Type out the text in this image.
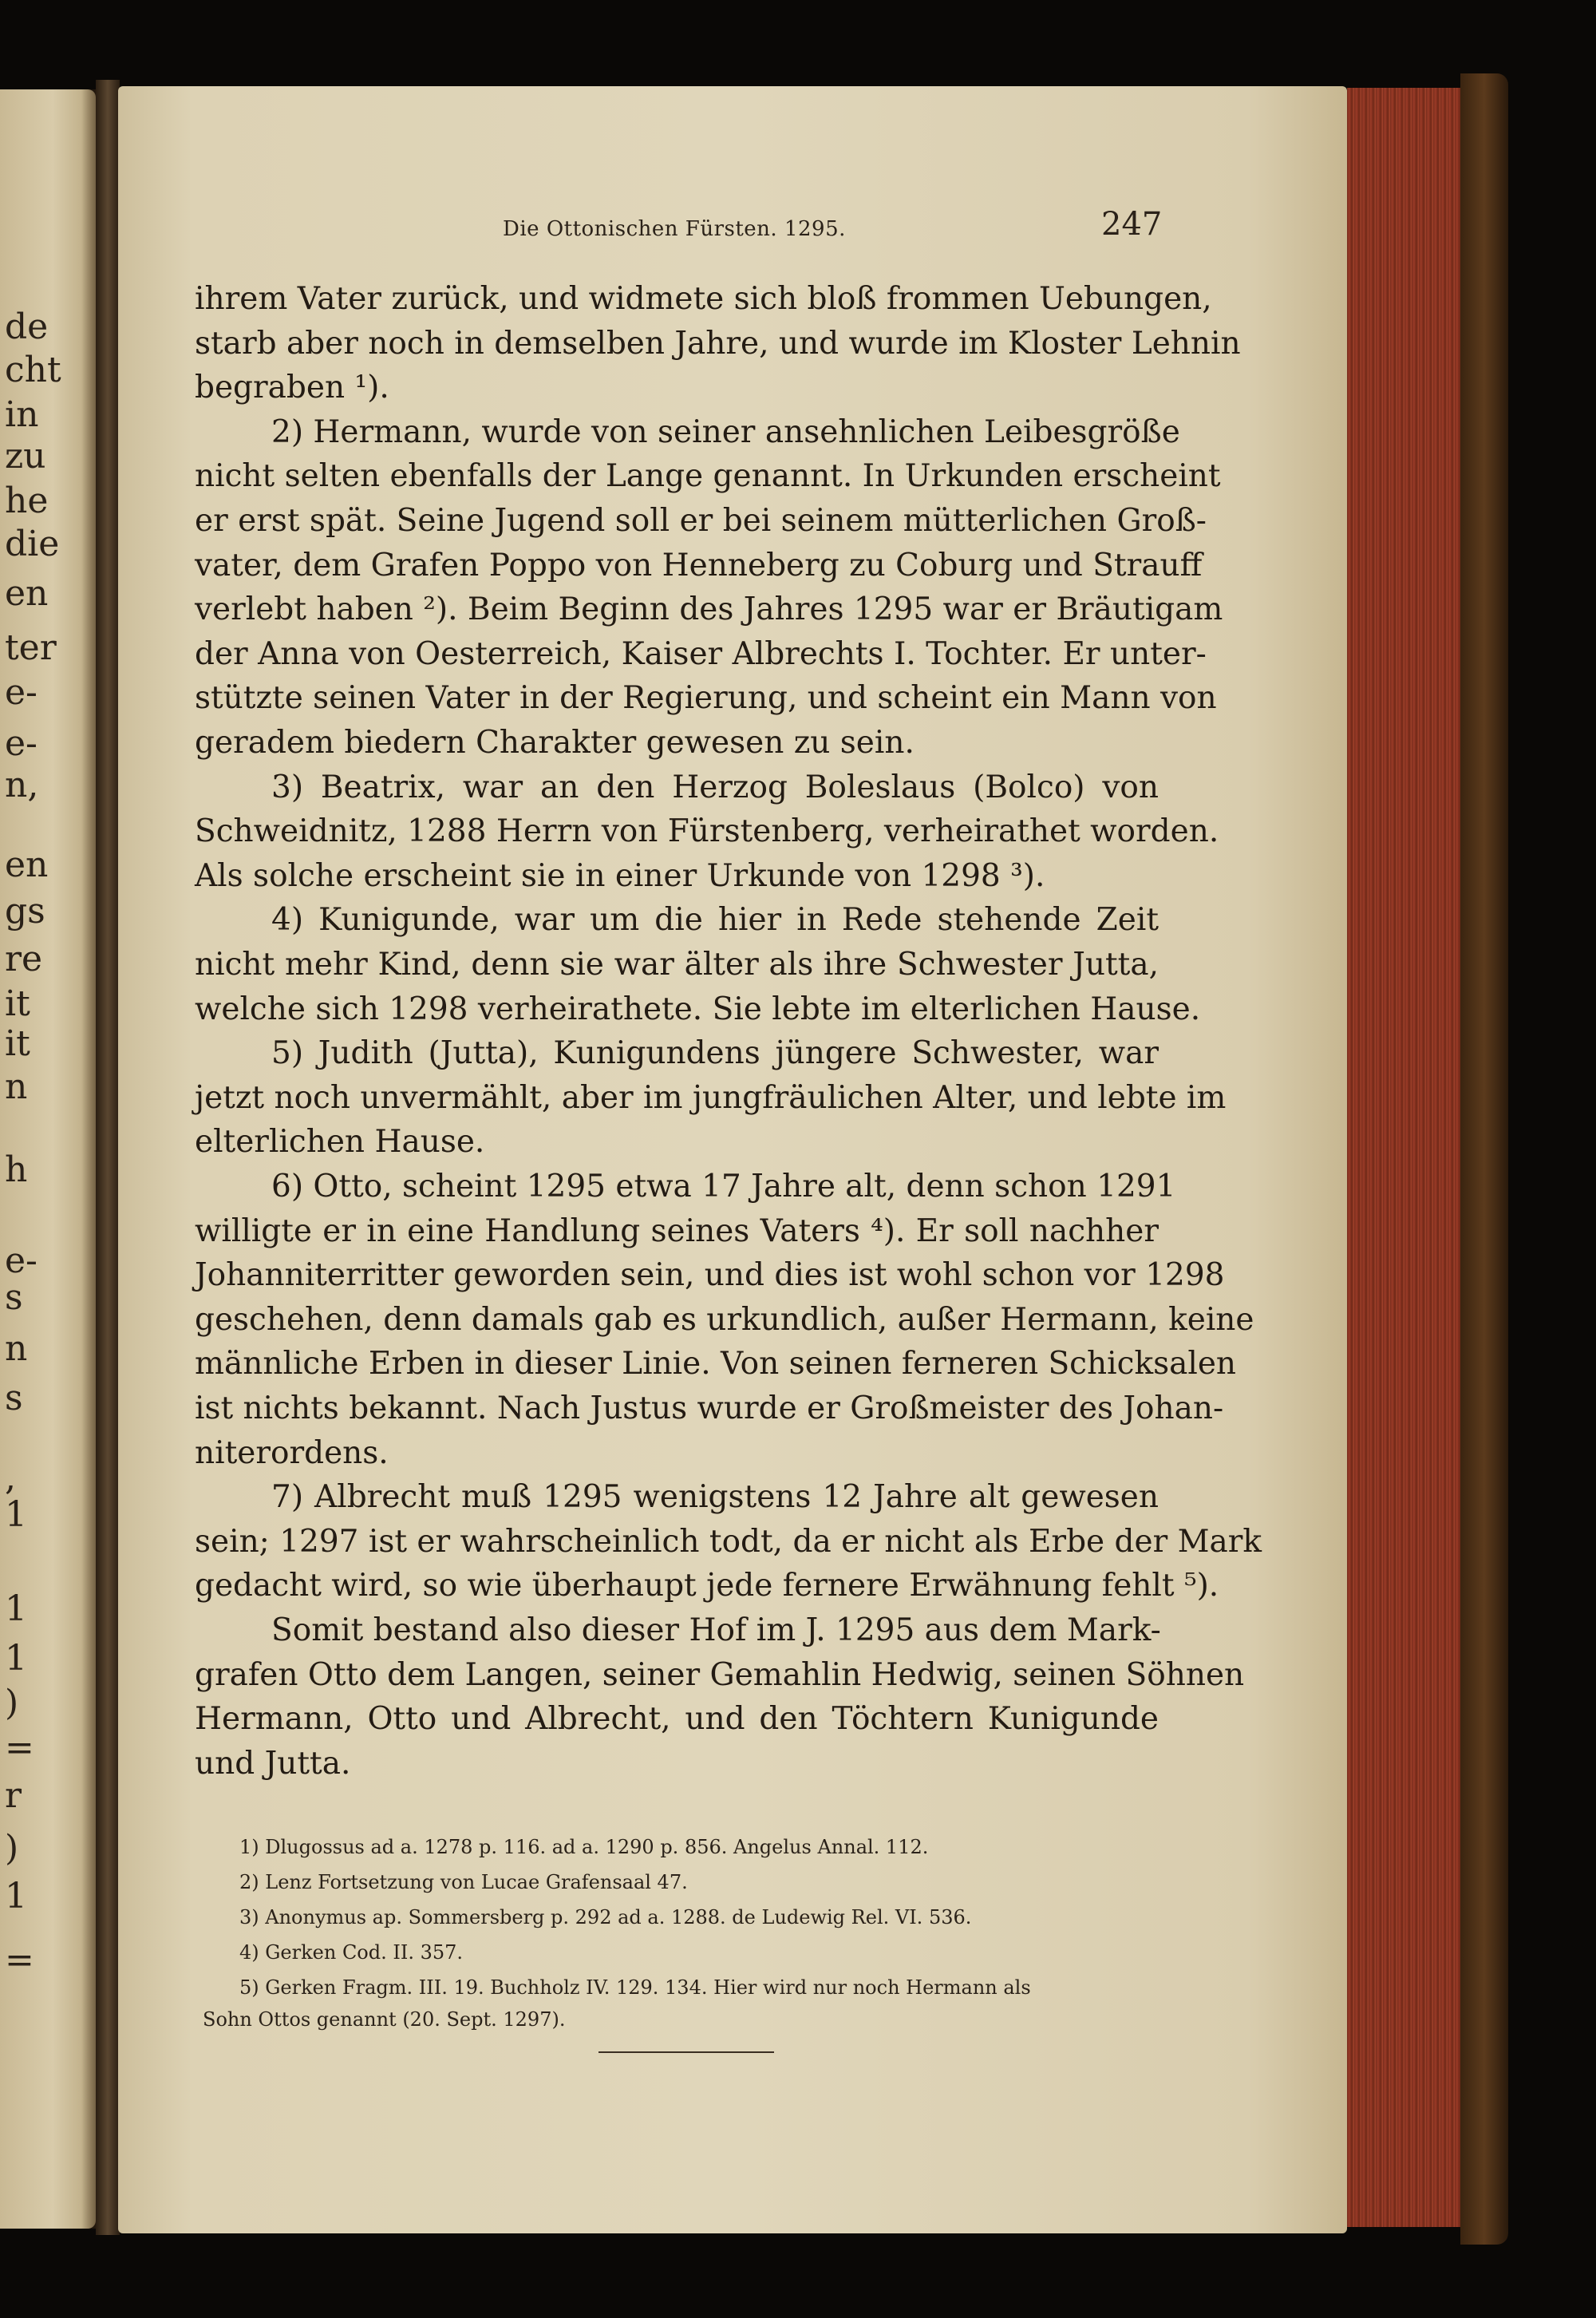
de
cht
in
zu
he
die
en
ter
e-
e-
n,
en
gs
re
it
it
n
h
e-
s
n
s
,
1
1
1
)
=
r
)
1
=
Die Ottonischen Fürsten. 1295.	247
ihrem Vater zurück, und widmete sich bloß frommen Uebungen,
starb aber noch in demselben Jahre, und wurde im Kloster Lehnin
begraben ¹).
2) Hermann, wurde von seiner ansehnlichen Leibesgröße
nicht selten ebenfalls der Lange genannt. In Urkunden erscheint
er erst spät. Seine Jugend soll er bei seinem mütterlichen Groß-
vater, dem Grafen Poppo von Henneberg zu Coburg und Strauff
verlebt haben ²). Beim Beginn des Jahres 1295 war er Bräutigam
der Anna von Oesterreich, Kaiser Albrechts I. Tochter. Er unter-
stützte seinen Vater in der Regierung, und scheint ein Mann von
geradem biedern Charakter gewesen zu sein.
3) Beatrix, war an den Herzog Boleslaus (Bolco) von
Schweidnitz, 1288 Herrn von Fürstenberg, verheirathet worden.
Als solche erscheint sie in einer Urkunde von 1298 ³).
4) Kunigunde, war um die hier in Rede stehende Zeit
nicht mehr Kind, denn sie war älter als ihre Schwester Jutta,
welche sich 1298 verheirathete. Sie lebte im elterlichen Hause.
5) Judith (Jutta), Kunigundens jüngere Schwester, war
jetzt noch unvermählt, aber im jungfräulichen Alter, und lebte im
elterlichen Hause.
6) Otto, scheint 1295 etwa 17 Jahre alt, denn schon 1291
willigte er in eine Handlung seines Vaters ⁴). Er soll nachher
Johanniterritter geworden sein, und dies ist wohl schon vor 1298
geschehen, denn damals gab es urkundlich, außer Hermann, keine
männliche Erben in dieser Linie. Von seinen ferneren Schicksalen
ist nichts bekannt. Nach Justus wurde er Großmeister des Johan-
niterordens.
7) Albrecht muß 1295 wenigstens 12 Jahre alt gewesen
sein; 1297 ist er wahrscheinlich todt, da er nicht als Erbe der Mark
gedacht wird, so wie überhaupt jede fernere Erwähnung fehlt ⁵).
Somit bestand also dieser Hof im J. 1295 aus dem Mark-
grafen Otto dem Langen, seiner Gemahlin Hedwig, seinen Söhnen
Hermann, Otto und Albrecht, und den Töchtern Kunigunde
und Jutta.
1) Dlugossus ad a. 1278 p. 116. ad a. 1290 p. 856. Angelus Annal. 112.
2) Lenz Fortsetzung von Lucae Grafensaal 47.
3) Anonymus ap. Sommersberg p. 292 ad a. 1288. de Ludewig Rel. VI. 536.
4) Gerken Cod. II. 357.
5) Gerken Fragm. III. 19. Buchholz IV. 129. 134. Hier wird nur noch Hermann als
Sohn Ottos genannt (20. Sept. 1297).
